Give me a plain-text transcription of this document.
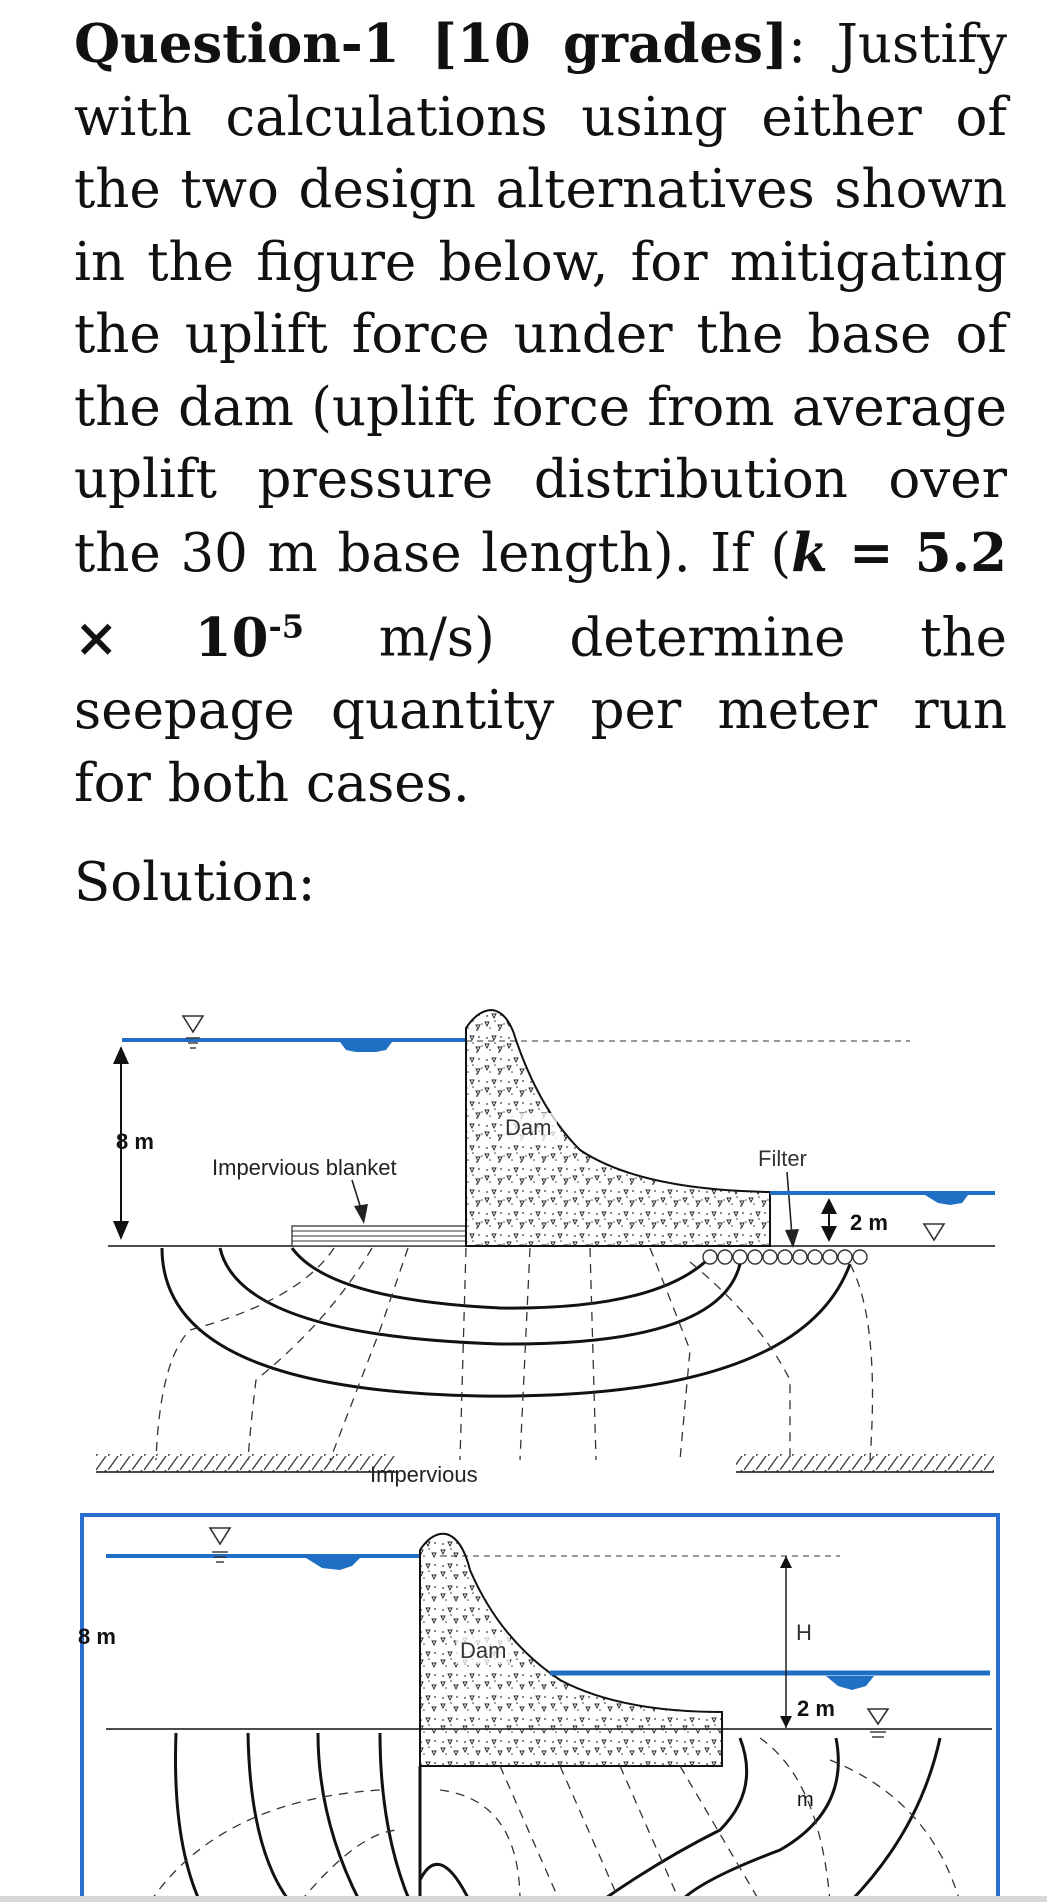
Question-1 [10 grades]: Justify with calculations using either of the two design alternatives shown in the figure below, for mitigating the uplift force under the base of the dam (uplift force from average uplift pressure distribution over the 30 m base length). If ($k = 5.2 \times 10^{-5}$ m/s) determine the seepage quantity per meter run for both cases.
Solution:
8 m
Impervious blanket
Dam
Filter
2 m
Impervious
8 m
Dam
H
2 m
m
